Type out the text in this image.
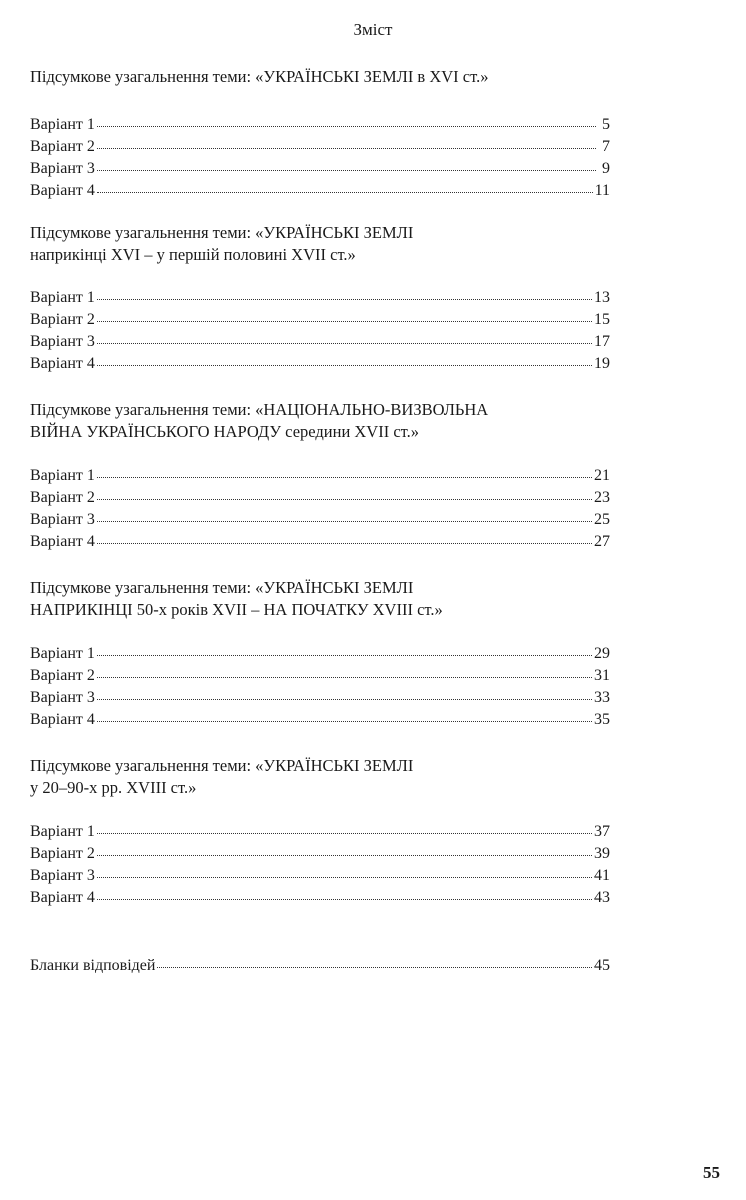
Зміст
Підсумкове узагальнення теми: «УКРАЇНСЬКІ ЗЕМЛІ в XVI ст.»
Варіант 1	5
Варіант 2	7
Варіант 3	9
Варіант 4	11
Підсумкове узагальнення теми: «УКРАЇНСЬКІ ЗЕМЛІ
наприкінці XVI – у першій половині XVII ст.»
Варіант 1	13
Варіант 2	15
Варіант 3	17
Варіант 4	19
Підсумкове узагальнення теми: «НАЦІОНАЛЬНО-ВИЗВОЛЬНА
ВІЙНА УКРАЇНСЬКОГО НАРОДУ середини XVII ст.»
Варіант 1	21
Варіант 2	23
Варіант 3	25
Варіант 4	27
Підсумкове узагальнення теми: «УКРАЇНСЬКІ ЗЕМЛІ
НАПРИКІНЦІ 50-х років XVII – НА ПОЧАТКУ XVIII ст.»
Варіант 1	29
Варіант 2	31
Варіант 3	33
Варіант 4	35
Підсумкове узагальнення теми: «УКРАЇНСЬКІ ЗЕМЛІ
у 20–90-х рр. XVIII ст.»
Варіант 1	37
Варіант 2	39
Варіант 3	41
Варіант 4	43
Бланки відповідей	45
55
